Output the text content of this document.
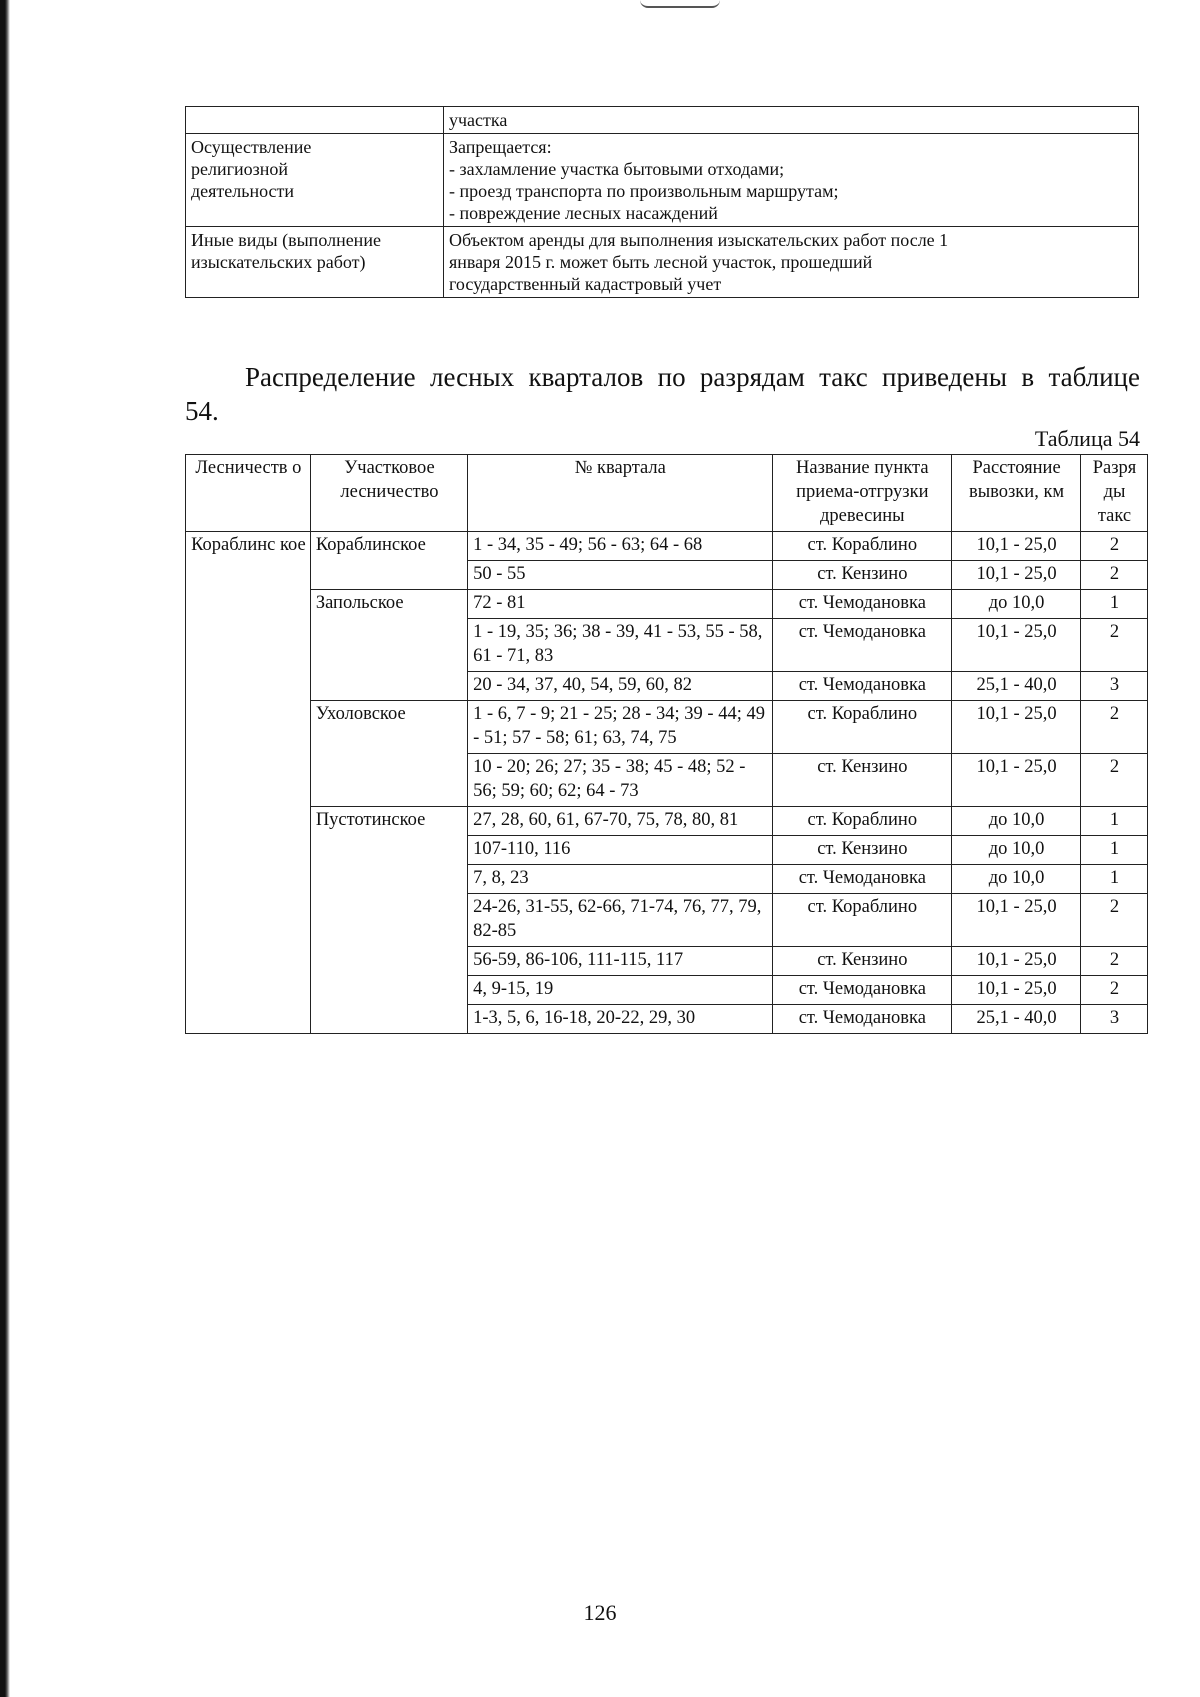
	участка

Осуществление
религиозной
деятельности	Запрещается:
- захламление участка бытовыми отходами;
- проезд транспорта по произвольным маршрутам;
- повреждение лесных насаждений

Иные виды (выполнение
изыскательских работ)	Объектом аренды для выполнения изыскательских работ после 1
января 2015 г. может быть лесной участок, прошедший
государственный кадастровый учет
Распределение лесных кварталов по разрядам такс приведены в таблице
54.
Таблица 54
Лесничеств о	Участковое лесничество	№ квартала	Название пункта приема-отгрузки древесины	Расстояние вывозки, км	Разря ды такс
Кораблинс кое	Кораблинское	1 - 34, 35 - 49; 56 - 63; 64 - 68	ст. Кораблино	10,1 - 25,0	2
		50 - 55	ст. Кензино	10,1 - 25,0	2
	Запольское	72 - 81	ст. Чемодановка	до 10,0	1
		1 - 19, 35; 36; 38 - 39, 41 - 53, 55 - 58, 61 - 71, 83	ст. Чемодановка	10,1 - 25,0	2
		20 - 34, 37, 40, 54, 59, 60, 82	ст. Чемодановка	25,1 - 40,0	3
	Ухоловское	1 - 6, 7 - 9; 21 - 25; 28 - 34; 39 - 44; 49 - 51; 57 - 58; 61; 63, 74, 75	ст. Кораблино	10,1 - 25,0	2
		10 - 20; 26; 27; 35 - 38; 45 - 48; 52 - 56; 59; 60; 62; 64 - 73	ст. Кензино	10,1 - 25,0	2
	Пустотинское	27, 28, 60, 61, 67-70, 75, 78, 80, 81	ст. Кораблино	до 10,0	1
		107-110, 116	ст. Кензино	до 10,0	1
		7, 8, 23	ст. Чемодановка	до 10,0	1
		24-26, 31-55, 62-66, 71-74, 76, 77, 79, 82-85	ст. Кораблино	10,1 - 25,0	2
		56-59, 86-106, 111-115, 117	ст. Кензино	10,1 - 25,0	2
		4, 9-15, 19	ст. Чемодановка	10,1 - 25,0	2
		1-3, 5, 6, 16-18, 20-22, 29, 30	ст. Чемодановка	25,1 - 40,0	3
126
